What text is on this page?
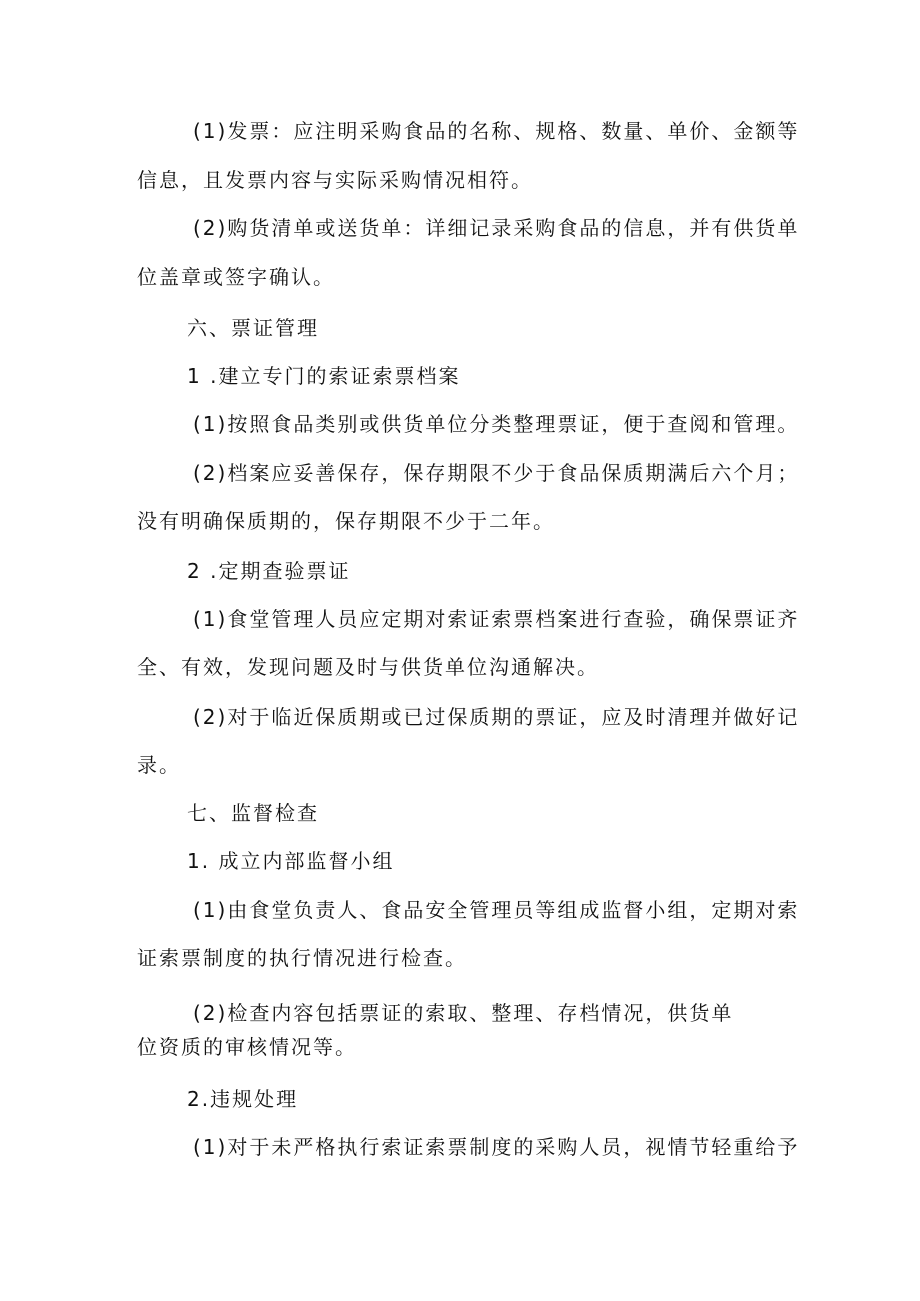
(1)发票：应注明采购食品的名称、规格、数量、单价、金额等
信息，且发票内容与实际采购情况相符。
(2)购货清单或送货单：详细记录采购食品的信息，并有供货单
位盖章或签字确认。
六、票证管理
1 .建立专门的索证索票档案
(1)按照食品类别或供货单位分类整理票证，便于查阅和管理。
(2)档案应妥善保存，保存期限不少于食品保质期满后六个月；
没有明确保质期的，保存期限不少于二年。
2 .定期查验票证
(1)食堂管理人员应定期对索证索票档案进行查验，确保票证齐
全、有效，发现问题及时与供货单位沟通解决。
(2)对于临近保质期或已过保质期的票证，应及时清理并做好记
录。
七、监督检查
1. 成立内部监督小组
(1)由食堂负责人、食品安全管理员等组成监督小组，定期对索
证索票制度的执行情况进行检查。
(2)检查内容包括票证的索取、整理、存档情况，供货单
位资质的审核情况等。
2.违规处理
(1)对于未严格执行索证索票制度的采购人员，视情节轻重给予
